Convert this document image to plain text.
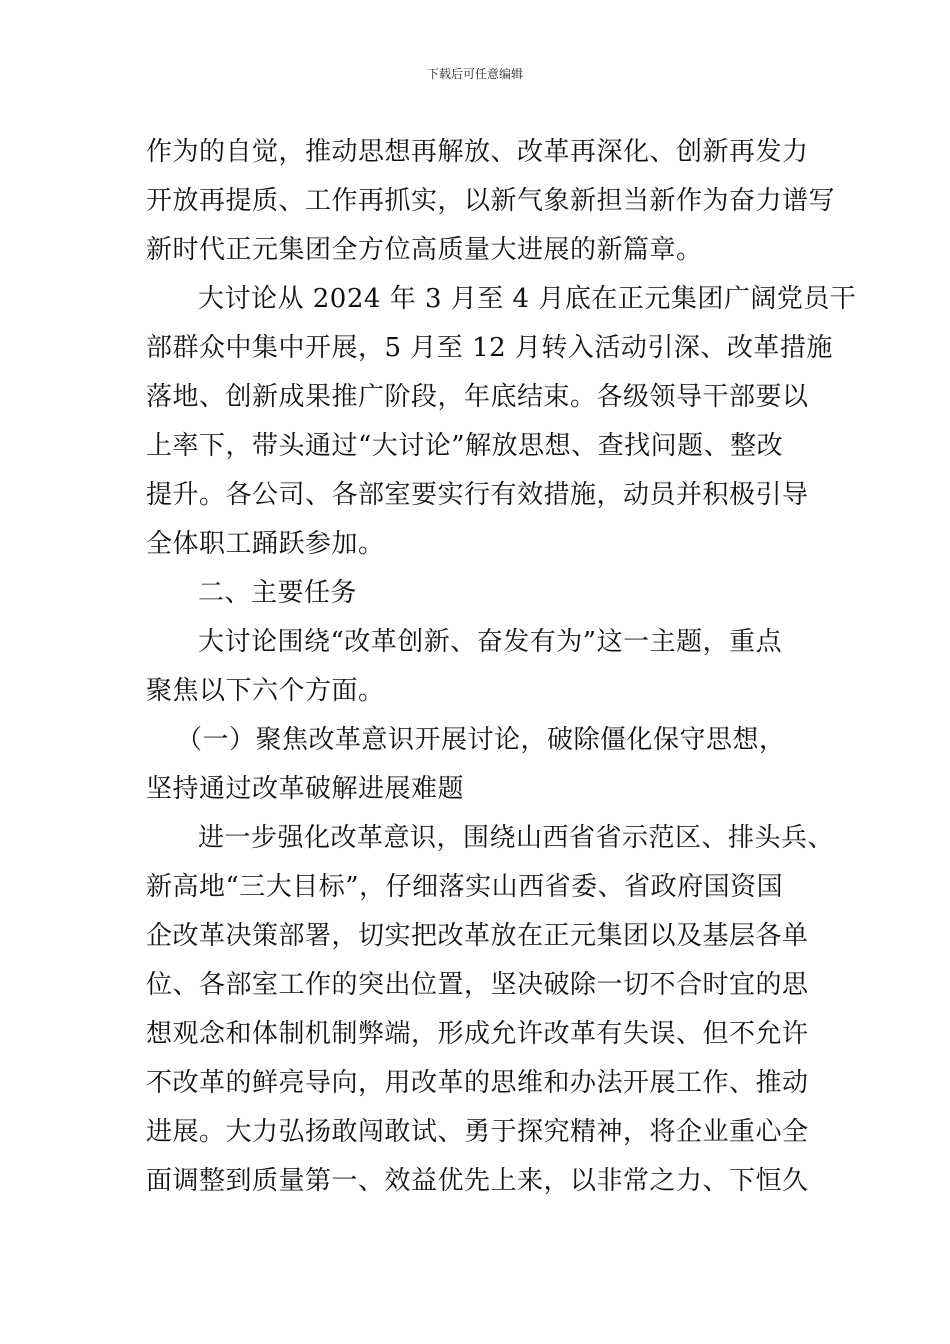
下载后可任意编辑
作为的自觉，推动思想再解放、改革再深化、创新再发力
开放再提质、工作再抓实，以新气象新担当新作为奋力谱写
新时代正元集团全方位高质量大进展的新篇章。
大讨论从 2024 年 3 月至 4 月底在正元集团广阔党员干
部群众中集中开展，5 月至 12 月转入活动引深、改革措施
落地、创新成果推广阶段，年底结束。各级领导干部要以
上率下，带头通过“大讨论”解放思想、查找问题、整改
提升。各公司、各部室要实行有效措施，动员并积极引导
全体职工踊跃参加。
二、主要任务
大讨论围绕“改革创新、奋发有为”这一主题，重点
聚焦以下六个方面。
（一）聚焦改革意识开展讨论，破除僵化保守思想，
坚持通过改革破解进展难题
进一步强化改革意识，围绕山西省省示范区、排头兵、
新高地“三大目标”，仔细落实山西省委、省政府国资国
企改革决策部署，切实把改革放在正元集团以及基层各单
位、各部室工作的突出位置，坚决破除一切不合时宜的思
想观念和体制机制弊端，形成允许改革有失误、但不允许
不改革的鲜亮导向，用改革的思维和办法开展工作、推动
进展。大力弘扬敢闯敢试、勇于探究精神，将企业重心全
面调整到质量第一、效益优先上来，以非常之力、下恒久
